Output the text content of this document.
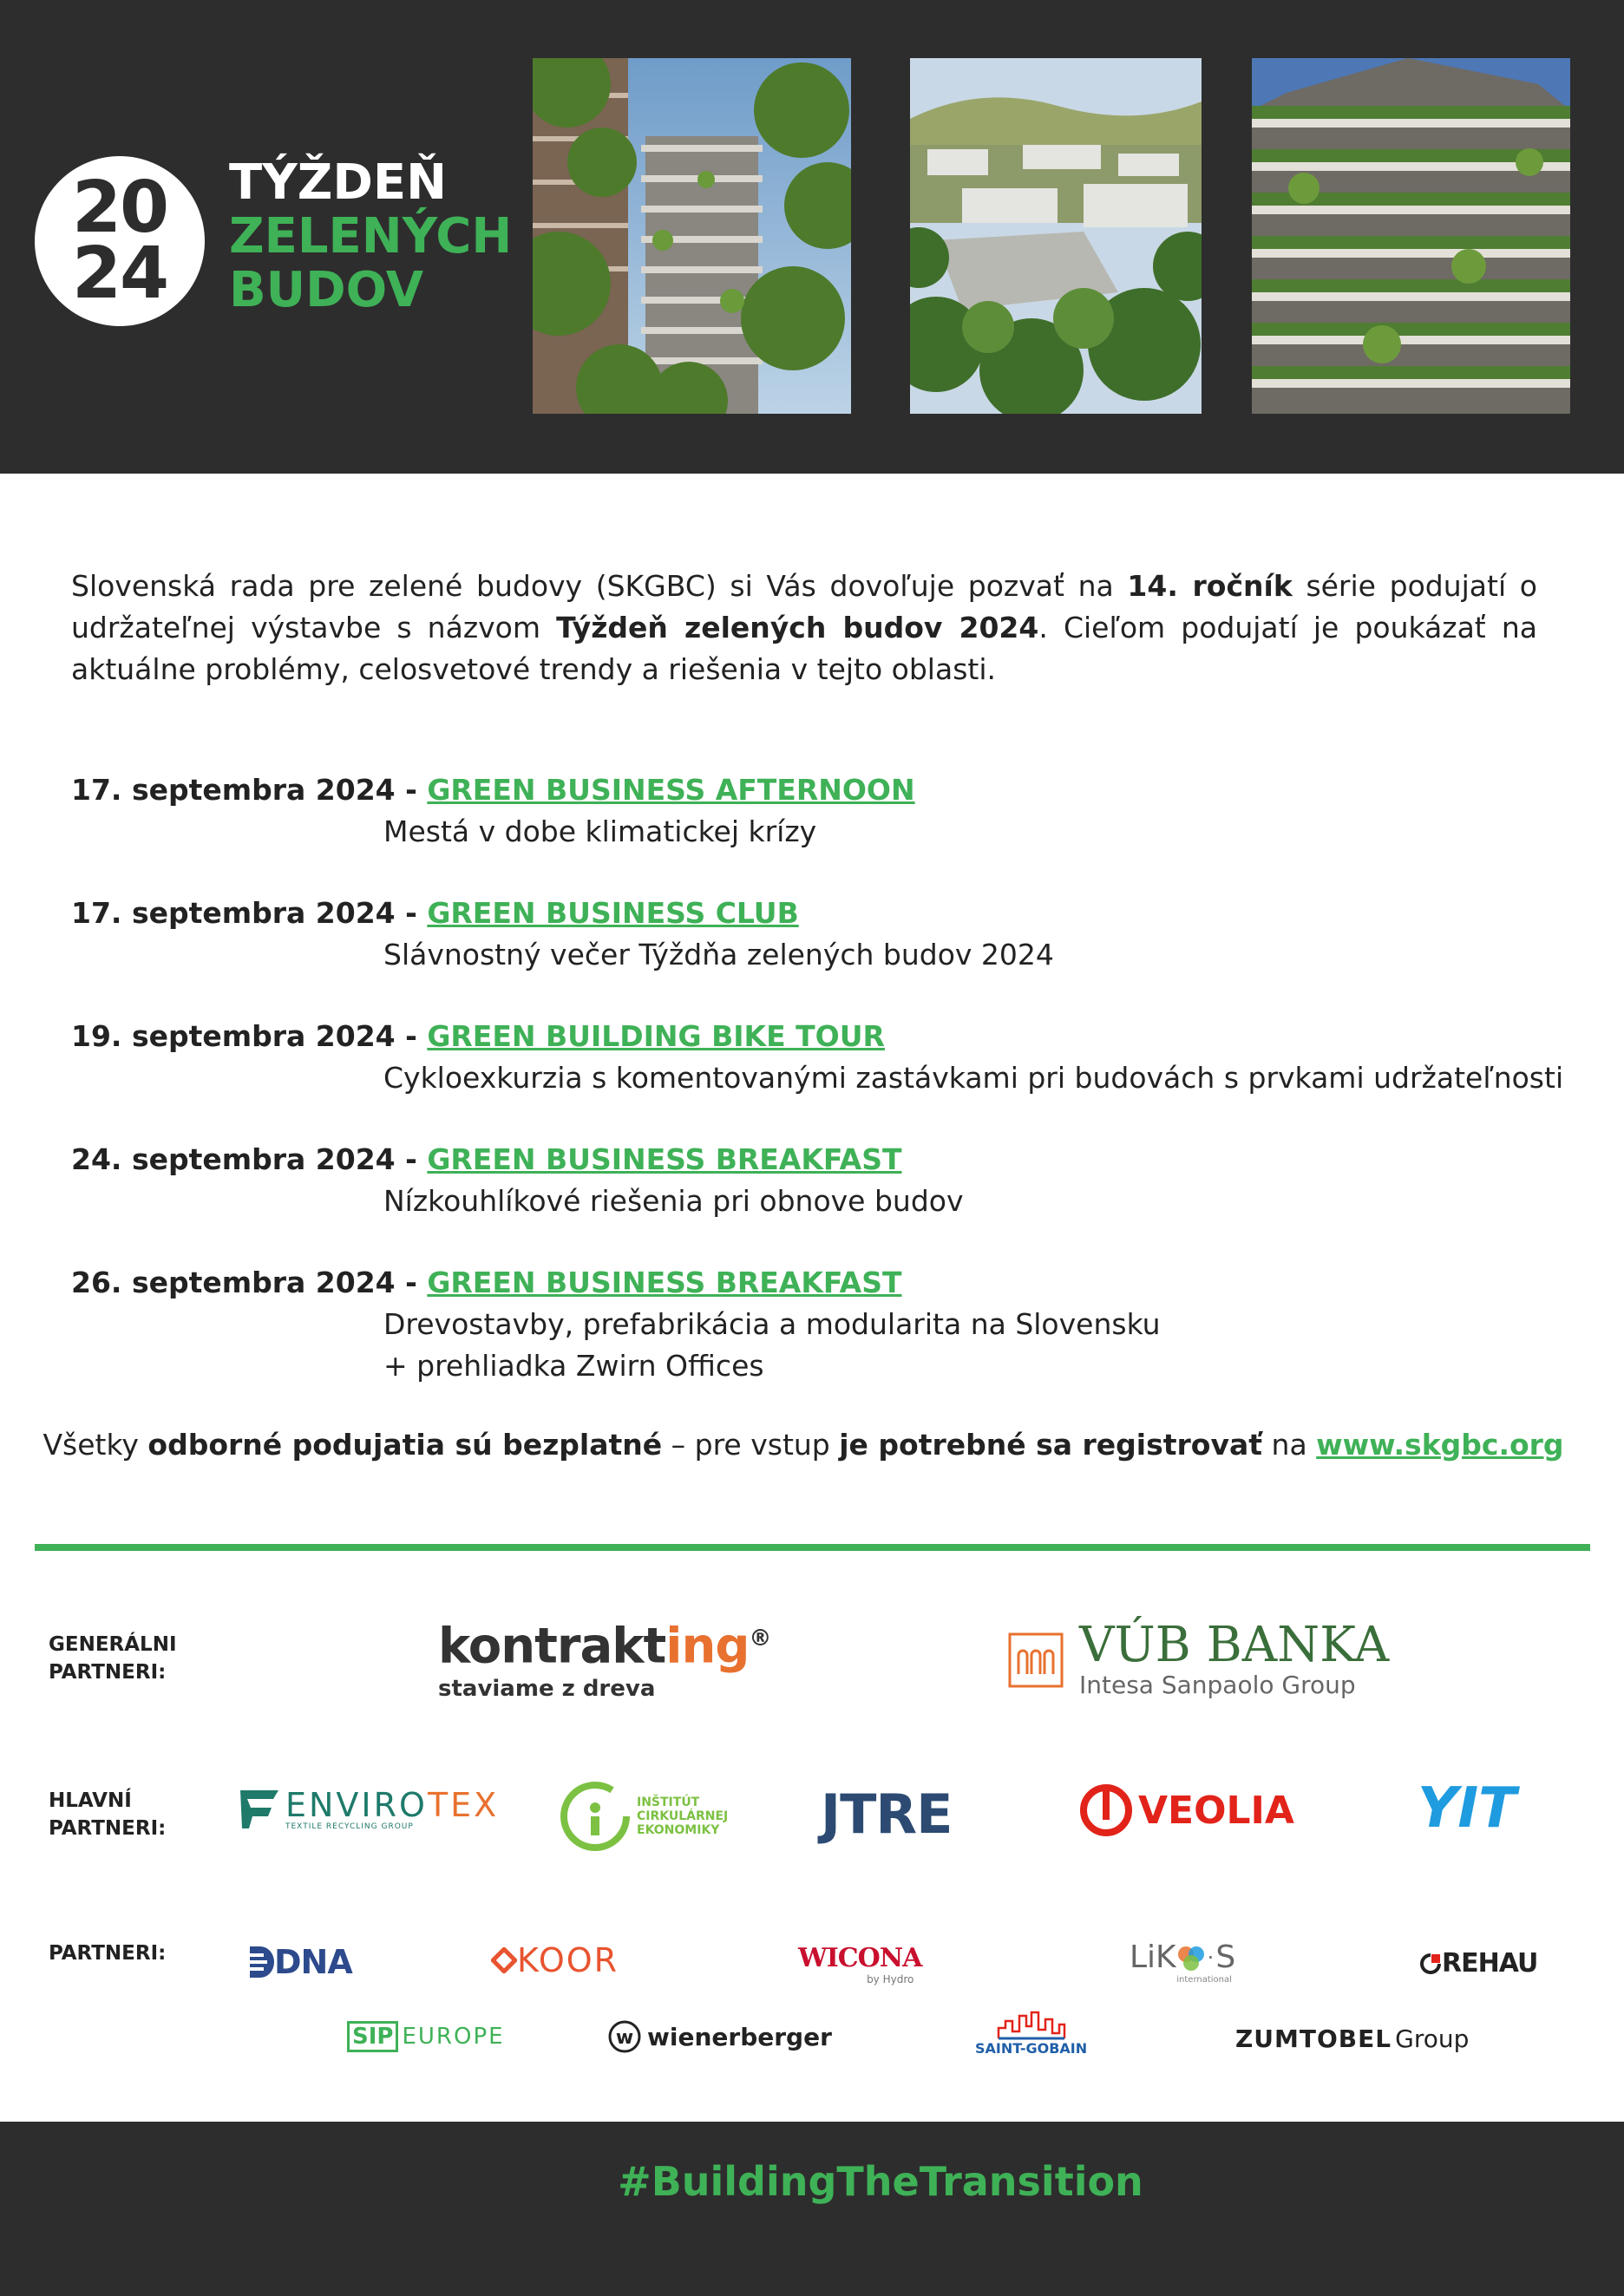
20
24
TÝŽDEŇ
ZELENÝCH
BUDOV
Slovenská rada pre zelené budovy (SKGBC) si Vás dovoľuje pozvať na 14. ročník série podujatí o udržateľnej výstavbe s názvom Týždeň zelených budov 2024. Cieľom podujatí je poukázať na aktuálne problémy, celosvetové trendy a riešenia v tejto oblasti.
17. septembra 2024 - GREEN BUSINESS AFTERNOON
Mestá v dobe klimatickej krízy
17. septembra 2024 - GREEN BUSINESS CLUB
Slávnostný večer Týždňa zelených budov 2024
19. septembra 2024 - GREEN BUILDING BIKE TOUR
Cykloexkurzia s komentovanými zastávkami pri budovách s prvkami udržateľnosti
24. septembra 2024 - GREEN BUSINESS BREAKFAST
Nízkouhlíkové riešenia pri obnove budov
26. septembra 2024 - GREEN BUSINESS BREAKFAST
Drevostavby, prefabrikácia a modularita na Slovensku
+ prehliadka Zwirn Offices
Všetky odborné podujatia sú bezplatné – pre vstup je potrebné sa registrovať na www.skgbc.org
GENERÁLNI
PARTNERI:	kontrakting®
staviame z dreva
VÚB BANKA
Intesa Sanpaolo Group
HLAVNÍ
PARTNERI:
ENVIROTEX
TEXTILE RECYCLING GROUP
INŠTITÚT
CIRKULÁRNEJ
EKONOMIKY JTRE	VEOLIA YIT
PARTNERI:	DNA	KOOR	WICONA
by Hydro
LiK · S
international
REHAU
SIP EUROPE	w wienerberger	SAINT-GOBAIN	ZUMTOBEL Group
#BuildingTheTransition
